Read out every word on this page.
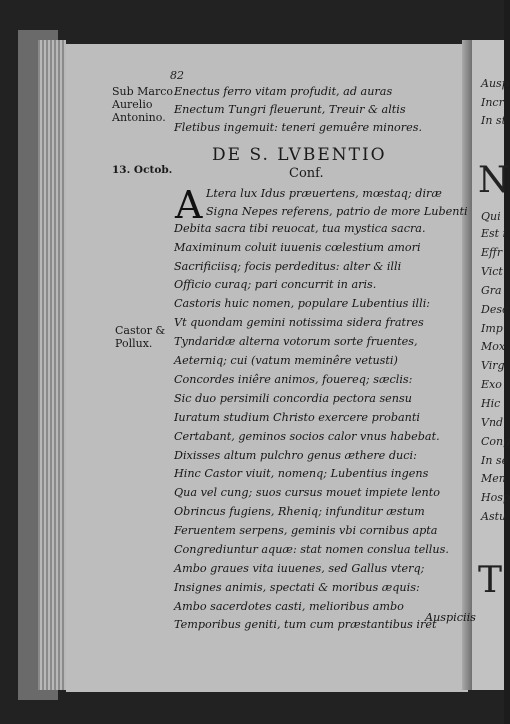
82
Sub Marco
Aurelio
Antonino.
13. Octob.
Castor &
Pollux.
Enectus ferro vitam profudit, ad auras
Enectum Tungri fleuerunt, Treuir & altis
Fletibus ingemuit: teneri gemuêre minores.
DE S. LVBENTIO
Conf.
A Ltera lux Idus præuertens, mœstaq; diræ
Signa Nepes referens, patrio de more Lubenti
Debita sacra tibi reuocat, tua mystica sacra.
Maximinum coluit iuuenis cœlestium amori
Sacrificiisq; focis perdeditus: alter & illi
Officio curaq; pari concurrit in aris.
Castoris huic nomen, populare Lubentius illi:
Vt quondam gemini notissima sidera fratres
Tyndaridæ alterna votorum sorte fruentes,
Aeterniq; cui (vatum meminêre vetusti)
Concordes iniêre animos, fouereq; sæclis:
Sic duo persimili concordia pectora sensu
Iuratum studium Christo exercere probanti
Certabant, geminos socios calor vnus habebat.
Dixisses altum pulchro genus æthere duci:
Hinc Castor viuit, nomenq; Lubentius ingens
Qua vel cung; suos cursus mouet impiete lento
Obrincus fugiens, Rheniq; infunditur æstum
Feruentem serpens, geminis vbi cornibus apta
Congrediuntur aquæ: stat nomen conslua tellus.
Ambo graues vita iuuenes, sed Gallus vterq;
Insignes animis, spectati & moribus æquis:
Ambo sacerdotes casti, melioribus ambo
Temporibus geniti, tum cum præstantibus iret
Auspiciis
Ausp
Incr
In st
N
Qui
Est i
Effr
Vict
Gra
Desc
Imp
Mox
Virg
Exo
Hic
Vnd
Cong
In se
Men
Hosp
Astu
T
